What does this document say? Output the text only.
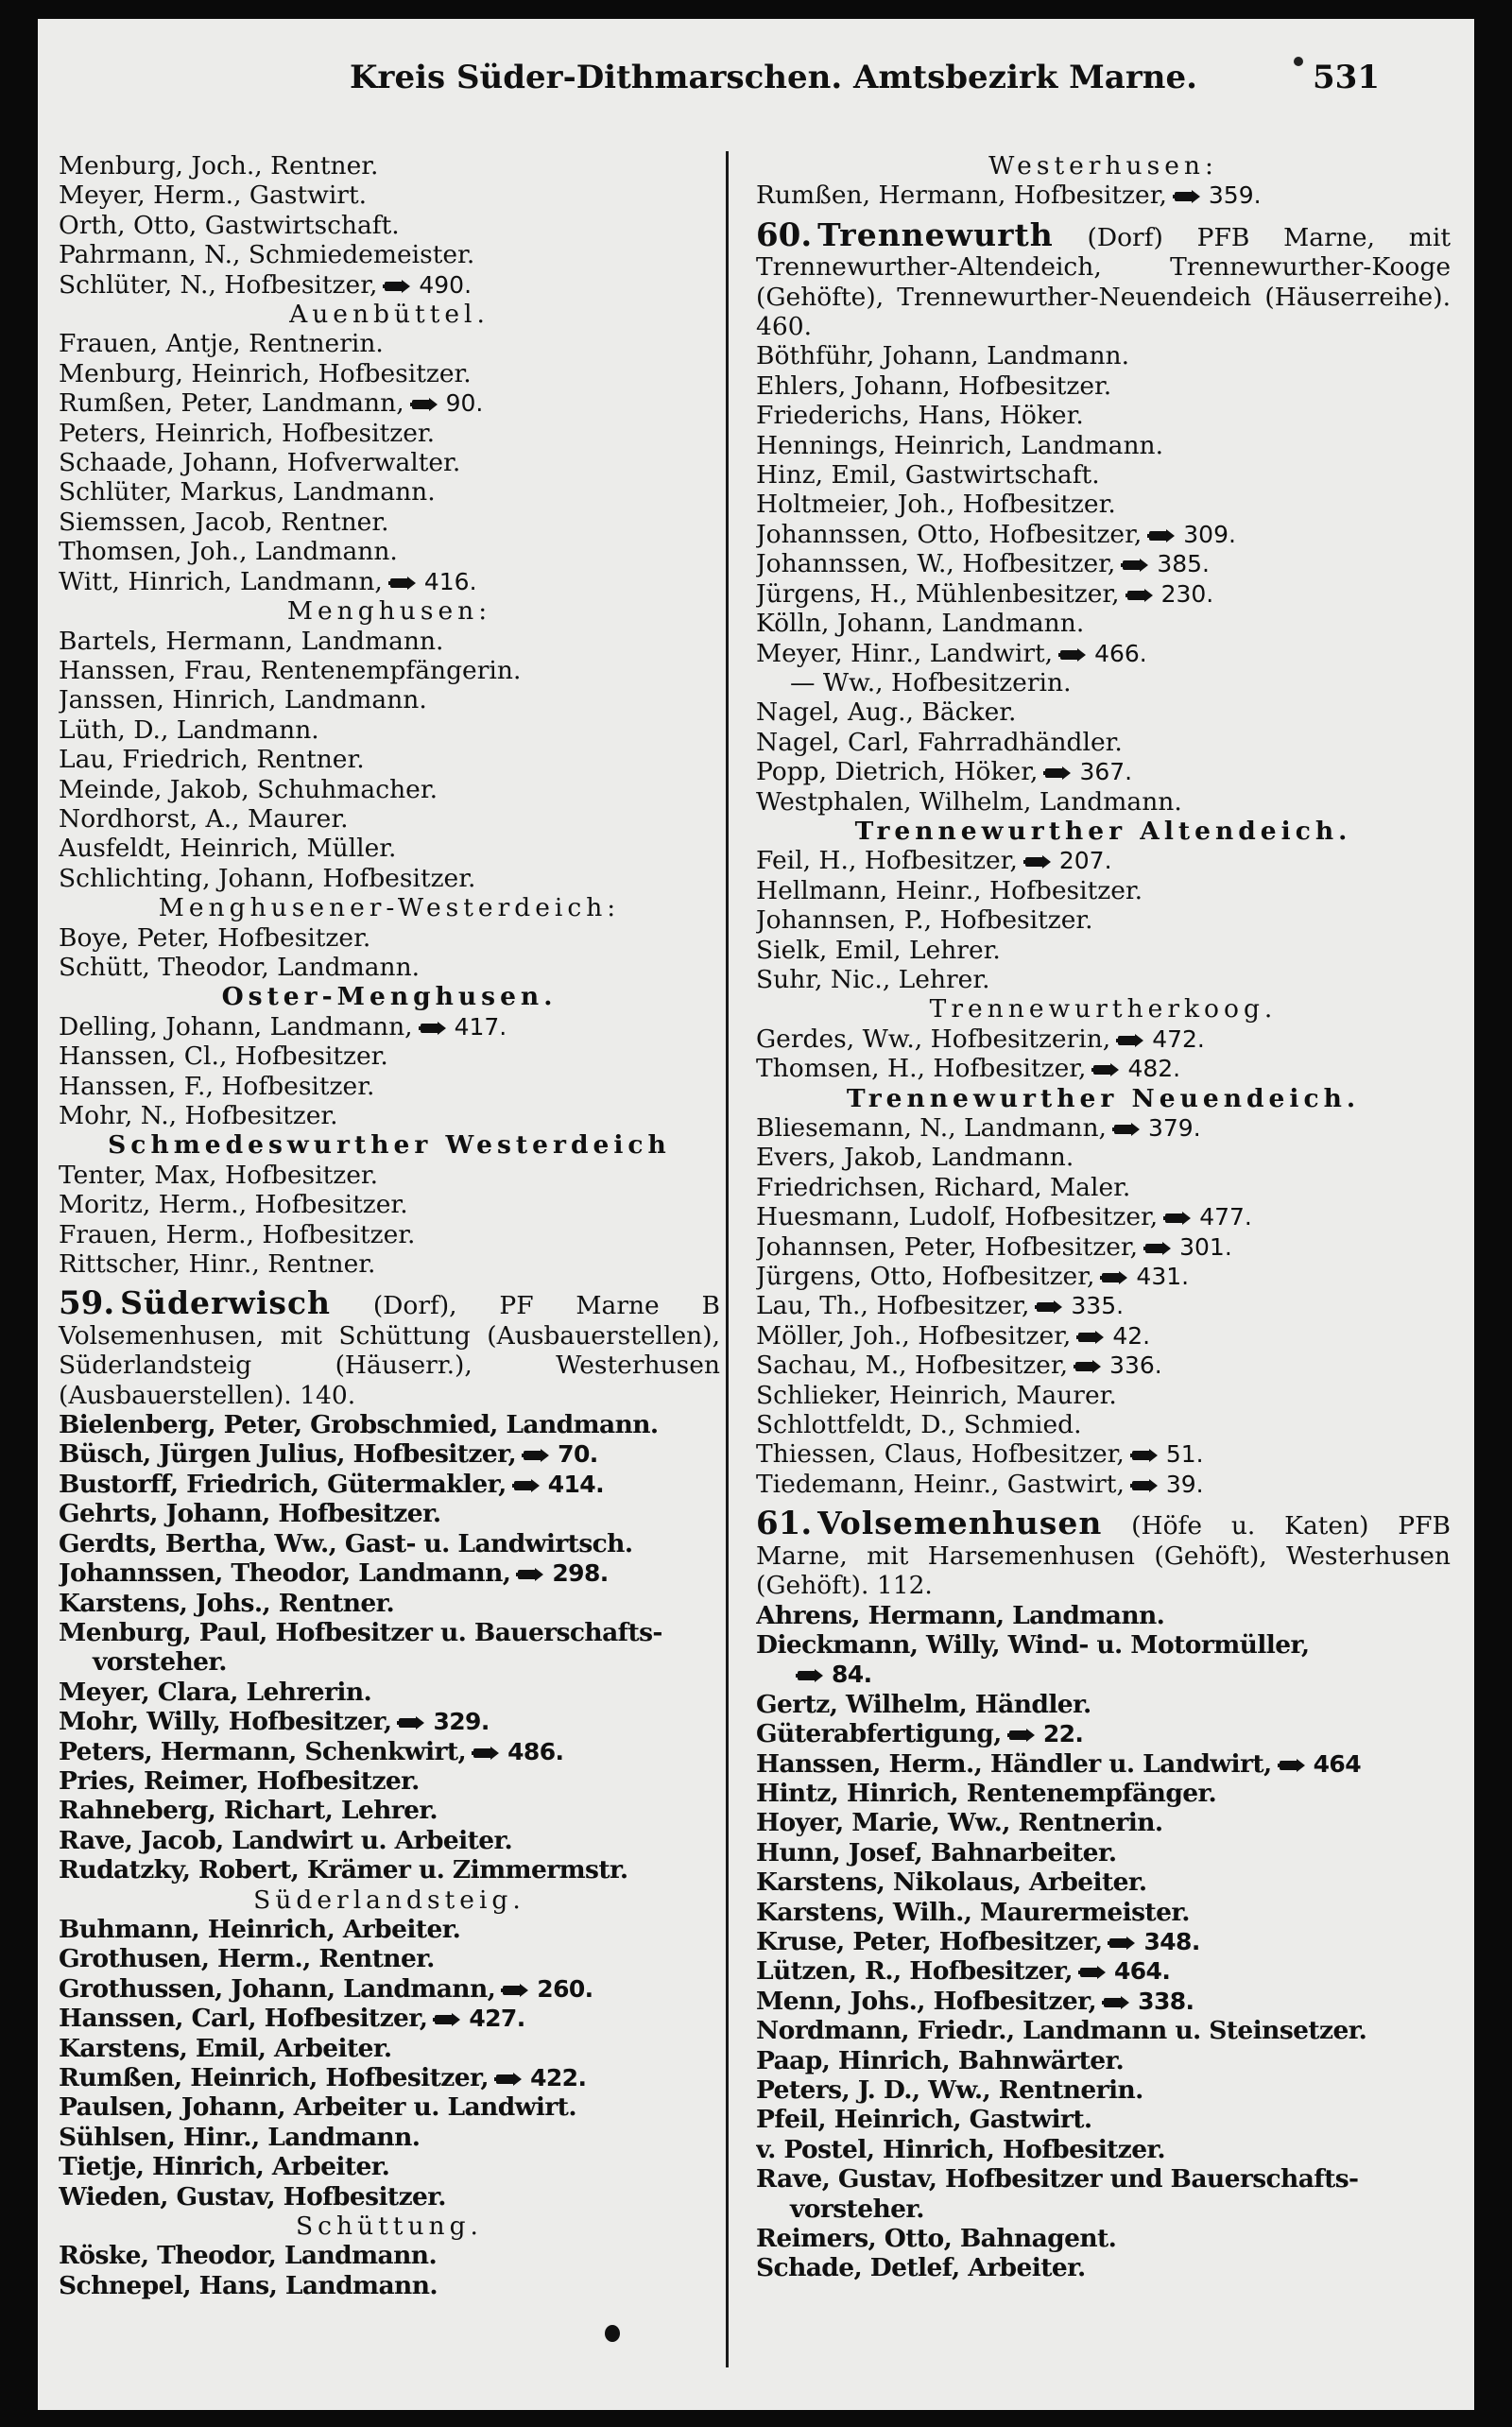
Kreis Süder-Dithmarschen. Amtsbezirk Marne.	531
Menburg, Joch., Rentner.
Meyer, Herm., Gastwirt.
Orth, Otto, Gastwirtschaft.
Pahrmann, N., Schmiedemeister.
Schlüter, N., Hofbesitzer, 490.
Auenbüttel.
Frauen, Antje, Rentnerin.
Menburg, Heinrich, Hofbesitzer.
Rumßen, Peter, Landmann, 90.
Peters, Heinrich, Hofbesitzer.
Schaade, Johann, Hofverwalter.
Schlüter, Markus, Landmann.
Siemssen, Jacob, Rentner.
Thomsen, Joh., Landmann.
Witt, Hinrich, Landmann, 416.
Menghusen:
Bartels, Hermann, Landmann.
Hanssen, Frau, Rentenempfängerin.
Janssen, Hinrich, Landmann.
Lüth, D., Landmann.
Lau, Friedrich, Rentner.
Meinde, Jakob, Schuhmacher.
Nordhorst, A., Maurer.
Ausfeldt, Heinrich, Müller.
Schlichting, Johann, Hofbesitzer.
Menghusener-Westerdeich:
Boye, Peter, Hofbesitzer.
Schütt, Theodor, Landmann.
Oster-Menghusen.
Delling, Johann, Landmann, 417.
Hanssen, Cl., Hofbesitzer.
Hanssen, F., Hofbesitzer.
Mohr, N., Hofbesitzer.
Schmedeswurther Westerdeich
Tenter, Max, Hofbesitzer.
Moritz, Herm., Hofbesitzer.
Frauen, Herm., Hofbesitzer.
Rittscher, Hinr., Rentner.
59. Süderwisch (Dorf), PF Marne B Volsemenhusen, mit Schüttung (Ausbauerstellen), Süderlandsteig (Häuserr.), Westerhusen (Ausbauerstellen). 140.
Bielenberg, Peter, Grobschmied, Landmann.
Büsch, Jürgen Julius, Hofbesitzer, 70.
Bustorff, Friedrich, Gütermakler, 414.
Gehrts, Johann, Hofbesitzer.
Gerdts, Bertha, Ww., Gast- u. Landwirtsch.
Johannssen, Theodor, Landmann, 298.
Karstens, Johs., Rentner.
Menburg, Paul, Hofbesitzer u. Bauerschafts-
vorsteher.
Meyer, Clara, Lehrerin.
Mohr, Willy, Hofbesitzer, 329.
Peters, Hermann, Schenkwirt, 486.
Pries, Reimer, Hofbesitzer.
Rahneberg, Richart, Lehrer.
Rave, Jacob, Landwirt u. Arbeiter.
Rudatzky, Robert, Krämer u. Zimmermstr.
Süderlandsteig.
Buhmann, Heinrich, Arbeiter.
Grothusen, Herm., Rentner.
Grothussen, Johann, Landmann, 260.
Hanssen, Carl, Hofbesitzer, 427.
Karstens, Emil, Arbeiter.
Rumßen, Heinrich, Hofbesitzer, 422.
Paulsen, Johann, Arbeiter u. Landwirt.
Sühlsen, Hinr., Landmann.
Tietje, Hinrich, Arbeiter.
Wieden, Gustav, Hofbesitzer.
Schüttung.
Röske, Theodor, Landmann.
Schnepel, Hans, Landmann.
Westerhusen:
Rumßen, Hermann, Hofbesitzer, 359.
60. Trennewurth (Dorf) PFB Marne, mit Trennewurther-Altendeich, Trennewurther-Kooge (Gehöfte), Trennewurther-Neuendeich (Häuserreihe). 460.
Böthführ, Johann, Landmann.
Ehlers, Johann, Hofbesitzer.
Friederichs, Hans, Höker.
Hennings, Heinrich, Landmann.
Hinz, Emil, Gastwirtschaft.
Holtmeier, Joh., Hofbesitzer.
Johannssen, Otto, Hofbesitzer, 309.
Johannssen, W., Hofbesitzer, 385.
Jürgens, H., Mühlenbesitzer, 230.
Kölln, Johann, Landmann.
Meyer, Hinr., Landwirt, 466.
— Ww., Hofbesitzerin.
Nagel, Aug., Bäcker.
Nagel, Carl, Fahrradhändler.
Popp, Dietrich, Höker, 367.
Westphalen, Wilhelm, Landmann.
Trennewurther Altendeich.
Feil, H., Hofbesitzer, 207.
Hellmann, Heinr., Hofbesitzer.
Johannsen, P., Hofbesitzer.
Sielk, Emil, Lehrer.
Suhr, Nic., Lehrer.
Trennewurtherkoog.
Gerdes, Ww., Hofbesitzerin, 472.
Thomsen, H., Hofbesitzer, 482.
Trennewurther Neuendeich.
Bliesemann, N., Landmann, 379.
Evers, Jakob, Landmann.
Friedrichsen, Richard, Maler.
Huesmann, Ludolf, Hofbesitzer, 477.
Johannsen, Peter, Hofbesitzer, 301.
Jürgens, Otto, Hofbesitzer, 431.
Lau, Th., Hofbesitzer, 335.
Möller, Joh., Hofbesitzer, 42.
Sachau, M., Hofbesitzer, 336.
Schlieker, Heinrich, Maurer.
Schlottfeldt, D., Schmied.
Thiessen, Claus, Hofbesitzer, 51.
Tiedemann, Heinr., Gastwirt, 39.
61. Volsemenhusen (Höfe u. Katen) PFB Marne, mit Harsemenhusen (Gehöft), Westerhusen (Gehöft). 112.
Ahrens, Hermann, Landmann.
Dieckmann, Willy, Wind- u. Motormüller,
84.
Gertz, Wilhelm, Händler.
Güterabfertigung, 22.
Hanssen, Herm., Händler u. Landwirt, 464
Hintz, Hinrich, Rentenempfänger.
Hoyer, Marie, Ww., Rentnerin.
Hunn, Josef, Bahnarbeiter.
Karstens, Nikolaus, Arbeiter.
Karstens, Wilh., Maurermeister.
Kruse, Peter, Hofbesitzer, 348.
Lützen, R., Hofbesitzer, 464.
Menn, Johs., Hofbesitzer, 338.
Nordmann, Friedr., Landmann u. Steinsetzer.
Paap, Hinrich, Bahnwärter.
Peters, J. D., Ww., Rentnerin.
Pfeil, Heinrich, Gastwirt.
v. Postel, Hinrich, Hofbesitzer.
Rave, Gustav, Hofbesitzer und Bauerschafts-
vorsteher.
Reimers, Otto, Bahnagent.
Schade, Detlef, Arbeiter.
